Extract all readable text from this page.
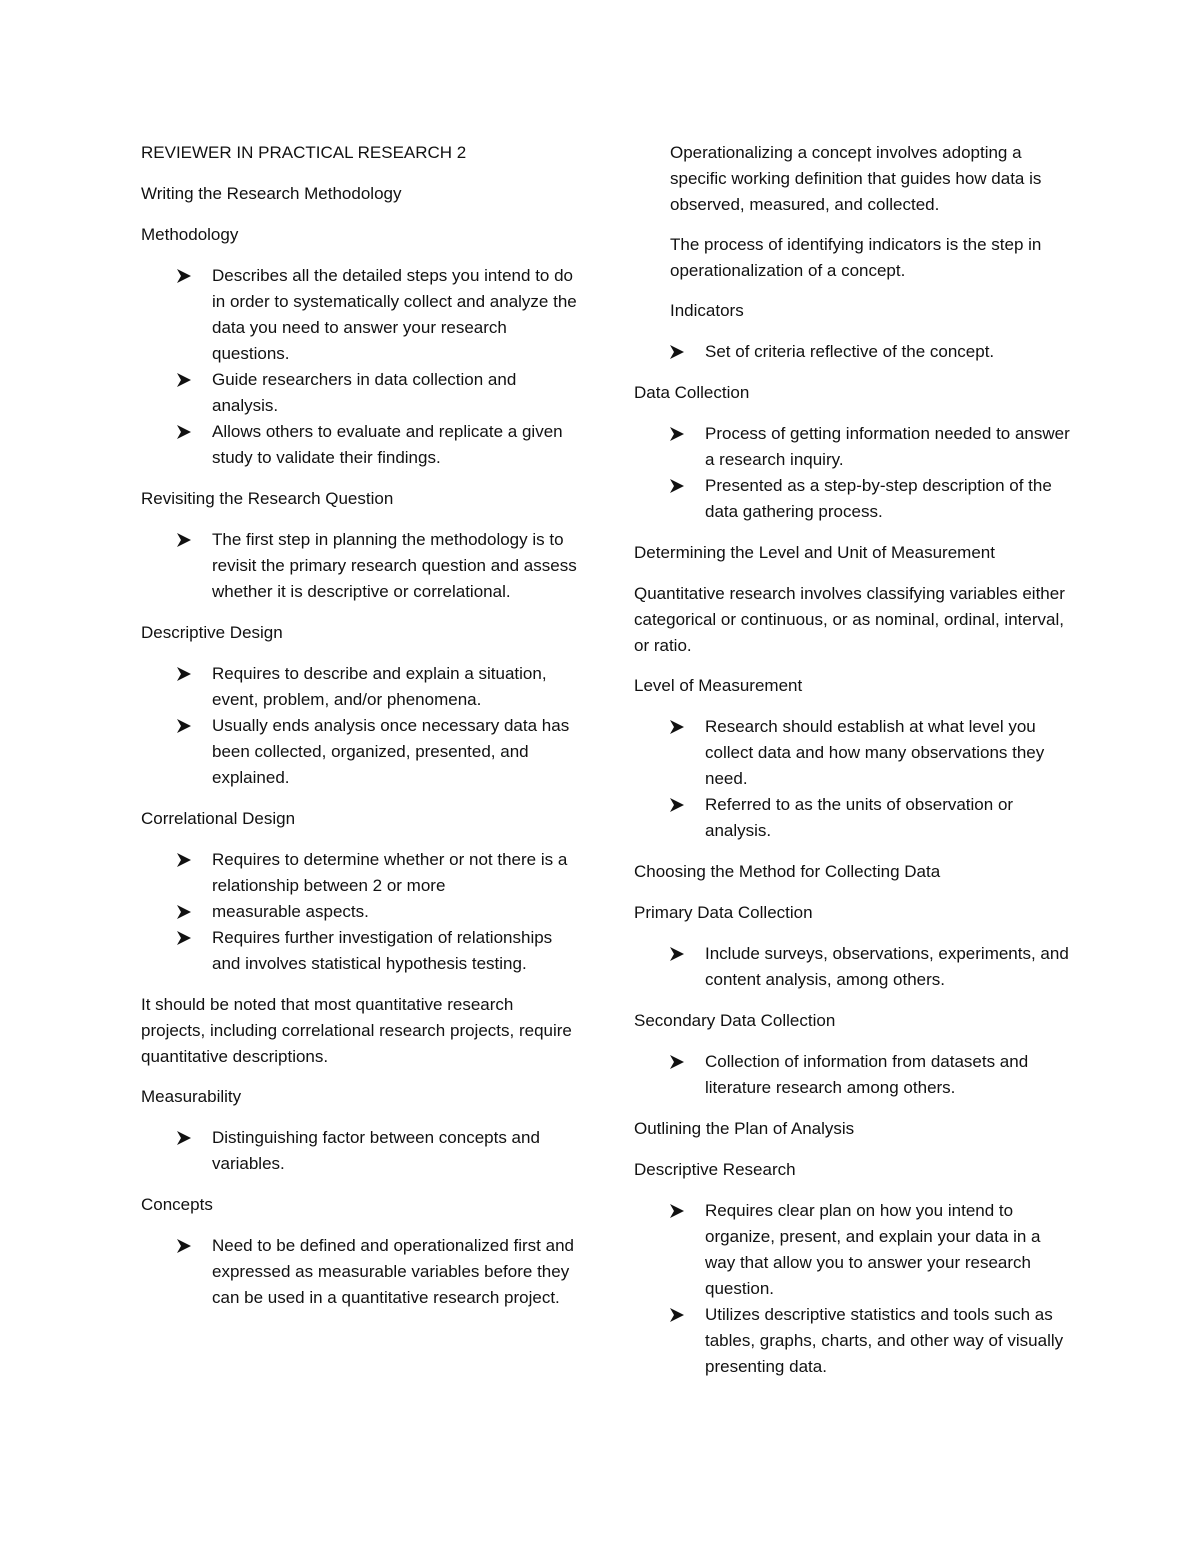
REVIEWER IN PRACTICAL RESEARCH 2
Writing the Research Methodology
Methodology
Describes all the detailed steps you intend to do in order to systematically collect and analyze the data you need to answer your research questions.
Guide researchers in data collection and analysis.
Allows others to evaluate and replicate a given study to validate their findings.
Revisiting the Research Question
The first step in planning the methodology is to revisit the primary research question and assess whether it is descriptive or correlational.
Descriptive Design
Requires to describe and explain a situation, event, problem, and/or phenomena.
Usually ends analysis once necessary data has been collected, organized, presented, and explained.
Correlational Design
Requires to determine whether or not there is a relationship between 2 or more
measurable aspects.
Requires further investigation of relationships and involves statistical hypothesis testing.
It should be noted that most quantitative research projects, including correlational research projects, require quantitative descriptions.
Measurability
Distinguishing factor between concepts and variables.
Concepts
Need to be defined and operationalized first and expressed as measurable variables before they can be used in a quantitative research project.
Operationalizing a concept involves adopting a specific working definition that guides how data is observed, measured, and collected.
The process of identifying indicators is the step in operationalization of a concept.
Indicators
Set of criteria reflective of the concept.
Data Collection
Process of getting information needed to answer a research inquiry.
Presented as a step-by-step description of the data gathering process.
Determining the Level and Unit of Measurement
Quantitative research involves classifying variables either categorical or continuous, or as nominal, ordinal, interval, or ratio.
Level of Measurement
Research should establish at what level you collect data and how many observations they need.
Referred to as the units of observation or analysis.
Choosing the Method for Collecting Data
Primary Data Collection
Include surveys, observations, experiments, and content analysis, among others.
Secondary Data Collection
Collection of information from datasets and literature research among others.
Outlining the Plan of Analysis
Descriptive Research
Requires clear plan on how you intend to organize, present, and explain your data in a way that allow you to answer your research question.
Utilizes descriptive statistics and tools such as tables, graphs, charts, and other way of visually presenting data.
